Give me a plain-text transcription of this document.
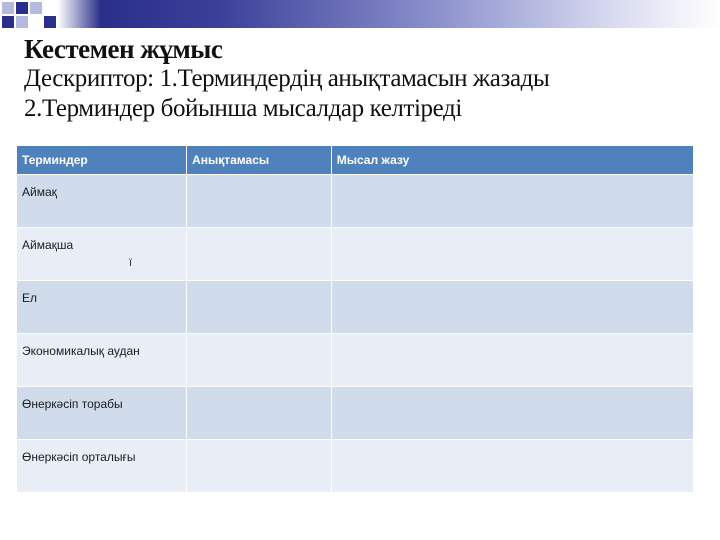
Кестемен жұмыс
Дескриптор: 1.Терминдердің анықтамасын жазады
2.Терминдер бойынша мысалдар келтіреді
Терминдер	Анықтамасы	Мысал жазу
Аймақ		
Аймақша		
Ел		
Экономикалық аудан		
Өнеркәсіп торабы		
Өнеркәсіп орталығы		
ї
